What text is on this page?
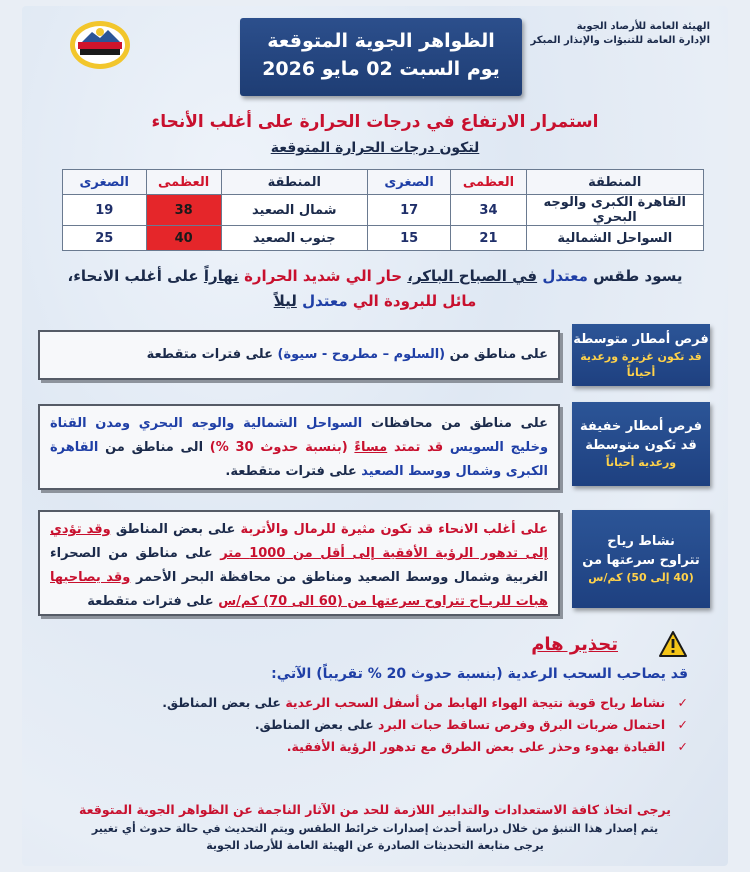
الهيئة العامة للأرصاد الجوية
الإدارة العامة للتنبؤات والإنذار المبكر
الظواهر الجوية المتوقعة
يوم السبت 02 مايو 2026
استمرار الارتفاع في درجات الحرارة على أغلب الأنحاء
لتكون درجات الحرارة المتوقعة
المنطقة	العظمى	الصغرى	المنطقة	العظمى	الصغرى
القاهرة الكبرى والوجه البحري	34	17	شمال الصعيد	38	19
السواحل الشمالية	21	15	جنوب الصعيد	40	25
يسود طقس معتدل في الصباح الباكر، حار الي شديد الحرارة نهاراً على أغلب الانحاء،
مائل للبرودة الي معتدل ليلاً
فرص أمطار متوسطة
قد تكون غزيرة ورعدية أحياناً
على مناطق من (السلوم – مطروح - سيوة) على فترات متقطعة
فرص أمطار خفيفة
قد تكون متوسطة
ورعدية أحياناً
على مناطق من محافظات السواحل الشمالية والوجه البحري ومدن القناة وخليج السويس قد تمتد مساءً (بنسبة حدوث 30 %) الى مناطق من القاهرة الكبرى وشمال ووسط الصعيد على فترات متقطعة.
نشاط رياح
تتراوح سرعتها من
(40 إلى 50) كم/س
على أغلب الانحاء قد تكون مثيرة للرمال والأتربة على بعض المناطق وقد تؤدي إلى تدهور الرؤية الأفقية إلى أقل من 1000 متر على مناطق من الصحراء الغربية وشمال ووسط الصعيد ومناطق من محافظة البحر الأحمر وقد يصاحبها هبات للريـاح تتراوح سرعتها من (60 الى 70) كم/س على فترات متقطعة
تحذير هام
قد يصاحب السحب الرعدية (بنسبة حدوث 20 % تقريباً) الآتي:
✓ نشاط رياح قوية نتيجة الهواء الهابط من أسفل السحب الرعدية على بعض المناطق.
✓ احتمال ضربات البرق وفرص تساقط حبات البرد على بعض المناطق.
✓ القيادة بهدوء وحذر على بعض الطرق مع تدهور الرؤية الأفقية.
يرجى اتخاذ كافة الاستعدادات والتدابير اللازمة للحد من الآثار الناجمة عن الظواهر الجوية المتوقعة
يتم إصدار هذا التنبؤ من خلال دراسة أحدث إصدارات خرائط الطقس ويتم التحديث في حالة حدوث أي تغيير
يرجى متابعة التحديثات الصادرة عن الهيئة العامة للأرصاد الجوية
